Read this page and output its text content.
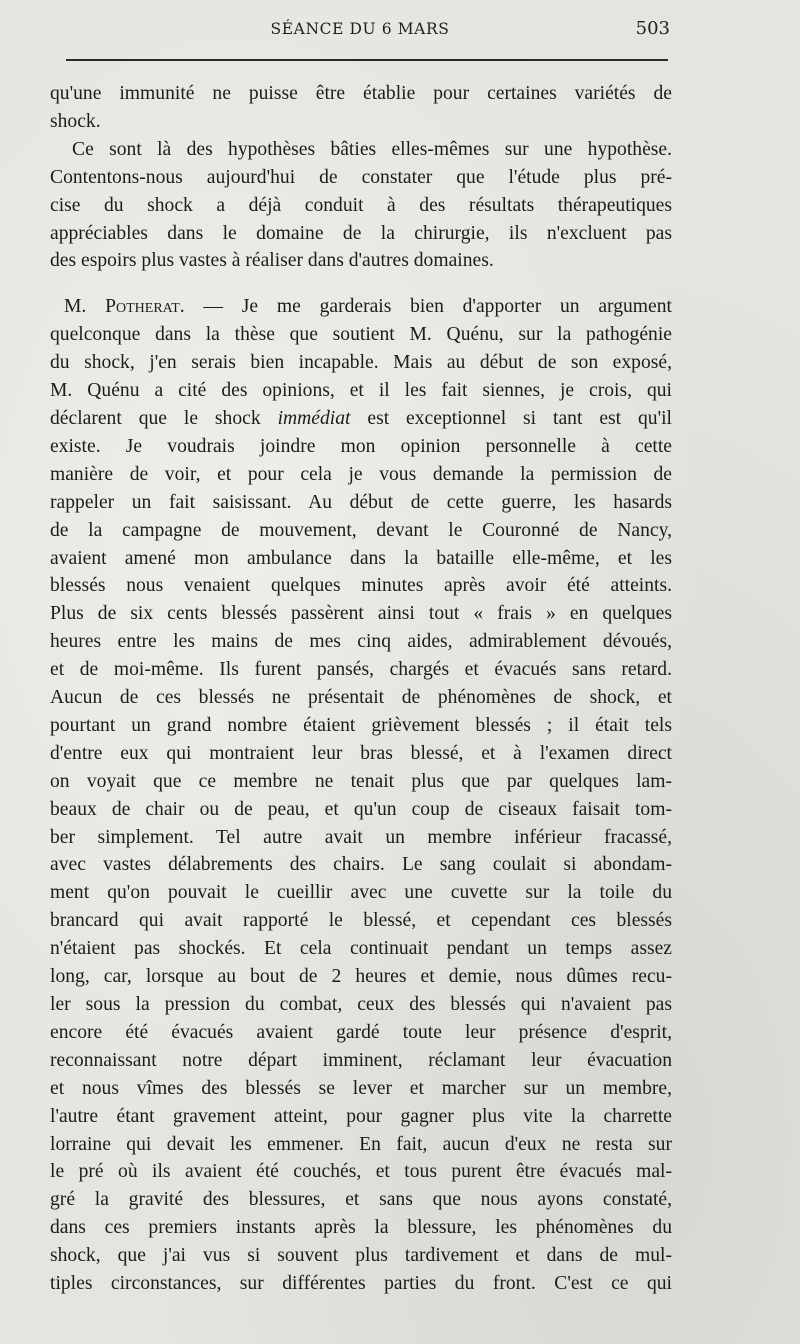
SÉANCE DU 6 MARS	503
qu'une immunité ne puisse être établie pour certaines variétés de
shock.
Ce sont là des hypothèses bâties elles-mêmes sur une hypothèse.
Contentons-nous aujourd'hui de constater que l'étude plus pré-
cise du shock a déjà conduit à des résultats thérapeutiques
appréciables dans le domaine de la chirurgie, ils n'excluent pas
des espoirs plus vastes à réaliser dans d'autres domaines.
M. Potherat. — Je me garderais bien d'apporter un argument
quelconque dans la thèse que soutient M. Quénu, sur la pathogénie
du shock, j'en serais bien incapable. Mais au début de son exposé,
M. Quénu a cité des opinions, et il les fait siennes, je crois, qui
déclarent que le shock immédiat est exceptionnel si tant est qu'il
existe. Je voudrais joindre mon opinion personnelle à cette
manière de voir, et pour cela je vous demande la permission de
rappeler un fait saisissant. Au début de cette guerre, les hasards
de la campagne de mouvement, devant le Couronné de Nancy,
avaient amené mon ambulance dans la bataille elle-même, et les
blessés nous venaient quelques minutes après avoir été atteints.
Plus de six cents blessés passèrent ainsi tout « frais » en quelques
heures entre les mains de mes cinq aides, admirablement dévoués,
et de moi-même. Ils furent pansés, chargés et évacués sans retard.
Aucun de ces blessés ne présentait de phénomènes de shock, et
pourtant un grand nombre étaient grièvement blessés ; il était tels
d'entre eux qui montraient leur bras blessé, et à l'examen direct
on voyait que ce membre ne tenait plus que par quelques lam-
beaux de chair ou de peau, et qu'un coup de ciseaux faisait tom-
ber simplement. Tel autre avait un membre inférieur fracassé,
avec vastes délabrements des chairs. Le sang coulait si abondam-
ment qu'on pouvait le cueillir avec une cuvette sur la toile du
brancard qui avait rapporté le blessé, et cependant ces blessés
n'étaient pas shockés. Et cela continuait pendant un temps assez
long, car, lorsque au bout de 2 heures et demie, nous dûmes recu-
ler sous la pression du combat, ceux des blessés qui n'avaient pas
encore été évacués avaient gardé toute leur présence d'esprit,
reconnaissant notre départ imminent, réclamant leur évacuation
et nous vîmes des blessés se lever et marcher sur un membre,
l'autre étant gravement atteint, pour gagner plus vite la charrette
lorraine qui devait les emmener. En fait, aucun d'eux ne resta sur
le pré où ils avaient été couchés, et tous purent être évacués mal-
gré la gravité des blessures, et sans que nous ayons constaté,
dans ces premiers instants après la blessure, les phénomènes du
shock, que j'ai vus si souvent plus tardivement et dans de mul-
tiples circonstances, sur différentes parties du front. C'est ce qui
